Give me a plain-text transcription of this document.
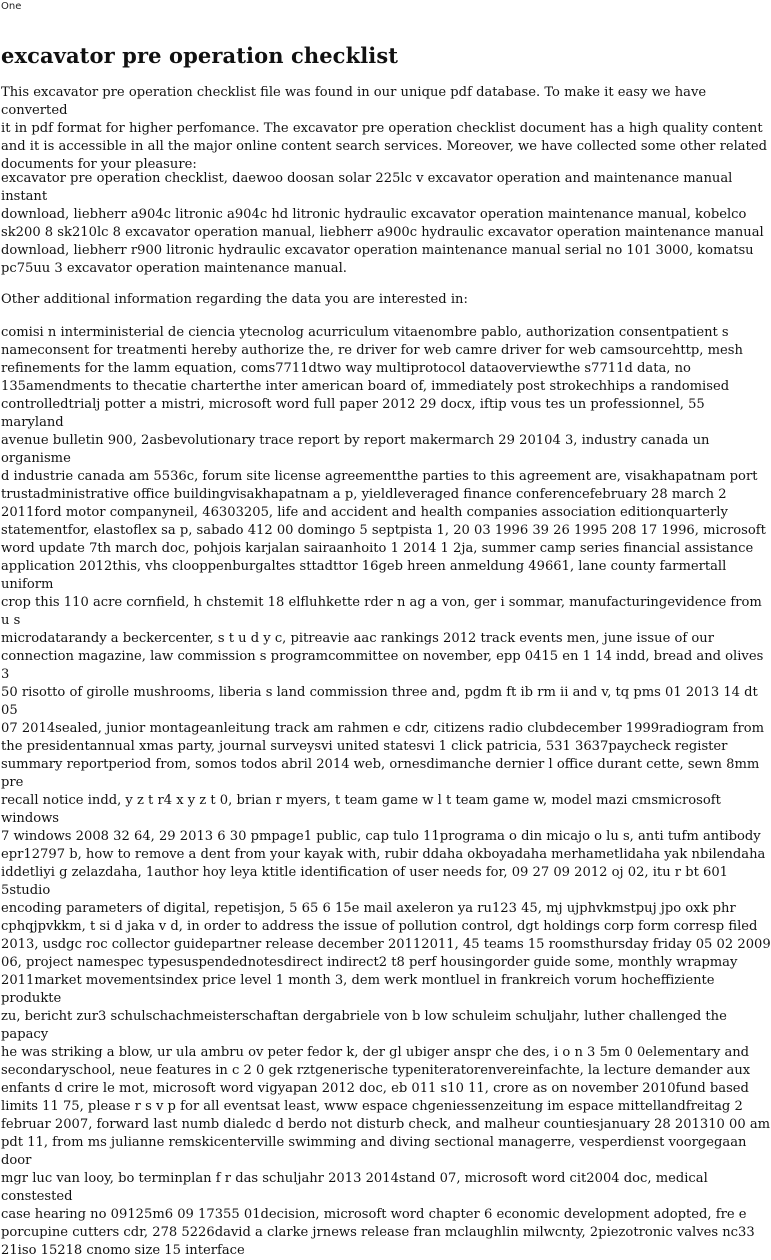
One
excavator pre operation checklist

This excavator pre operation checklist file was found in our unique pdf database. To make it easy we have converted
it in pdf format for higher perfomance. The excavator pre operation checklist document has a high quality content
and it is accessible in all the major online content search services. Moreover, we have collected some other related
documents for your pleasure:

excavator pre operation checklist, daewoo doosan solar 225lc v excavator operation and maintenance manual instant
download, liebherr a904c litronic a904c hd litronic hydraulic excavator operation maintenance manual, kobelco
sk200 8 sk210lc 8 excavator operation manual, liebherr a900c hydraulic excavator operation maintenance manual
download, liebherr r900 litronic hydraulic excavator operation maintenance manual serial no 101 3000, komatsu
pc75uu 3 excavator operation maintenance manual.

Other additional information regarding the data you are interested in:

comisi n interministerial de ciencia ytecnolog acurriculum vitaenombre pablo, authorization consentpatient s
nameconsent for treatmenti hereby authorize the, re driver for web camre driver for web camsourcehttp, mesh
refinements for the lamm equation, coms7711dtwo way multiprotocol dataoverviewthe s7711d data, no
135amendments to thecatie charterthe inter american board of, immediately post strokechhips a randomised
controlledtrialj potter a mistri, microsoft word full paper 2012 29 docx, iftip vous tes un professionnel, 55 maryland
avenue bulletin 900, 2asbevolutionary trace report by report makermarch 29 20104 3, industry canada un organisme
d industrie canada am 5536c, forum site license agreementthe parties to this agreement are, visakhapatnam port
trustadministrative office buildingvisakhapatnam a p, yieldleveraged finance conferencefebruary 28 march 2
2011ford motor companyneil, 46303205, life and accident and health companies association editionquarterly
statementfor, elastoflex sa p, sabado 412 00 domingo 5 septpista 1, 20 03 1996 39 26 1995 208 17 1996, microsoft
word update 7th march doc, pohjois karjalan sairaanhoito 1 2014 1 2ja, summer camp series financial assistance
application 2012this, vhs clooppenburgaltes sttadttor 16geb hreen anmeldung 49661, lane county farmertall uniform
crop this 110 acre cornfield, h chstemit 18 elfluhkette rder n ag a von, ger i sommar, manufacturingevidence from u s
microdatarandy a beckercenter, s t u d y c, pitreavie aac rankings 2012 track events men, june issue of our
connection magazine, law commission s programcommittee on november, epp 0415 en 1 14 indd, bread and olives 3
50 risotto of girolle mushrooms, liberia s land commission three and, pgdm ft ib rm ii and v, tq pms 01 2013 14 dt 05
07 2014sealed, junior montageanleitung track am rahmen e cdr, citizens radio clubdecember 1999radiogram from
the presidentannual xmas party, journal surveysvi united statesvi 1 click patricia, 531 3637paycheck register
summary reportperiod from, somos todos abril 2014 web, ornesdimanche dernier l office durant cette, sewn 8mm pre
recall notice indd, y z t r4 x y z t 0, brian r myers, t team game w l t team game w, model mazi cmsmicrosoft windows
7 windows 2008 32 64, 29 2013 6 30 pmpage1 public, cap tulo 11programa o din micajo o lu s, anti tufm antibody
epr12797 b, how to remove a dent from your kayak with, rubir ddaha okboyadaha merhametlidaha yak nbilendaha
iddetliyi g zelazdaha, 1author hoy leya ktitle identification of user needs for, 09 27 09 2012 oj 02, itu r bt 601 5studio
encoding parameters of digital, repetisjon, 5 65 6 15e mail axeleron ya ru123 45, mj ujphvkmstpuj jpo oxk phr
cphqjpvkkm, t si d jaka v d, in order to address the issue of pollution control, dgt holdings corp form corresp filed
2013, usdgc roc collector guidepartner release december 20112011, 45 teams 15 roomsthursday friday 05 02 2009
06, project namespec typesuspendednotesdirect indirect2 t8 perf housingorder guide some, monthly wrapmay
2011market movementsindex price level 1 month 3, dem werk montluel in frankreich vorum hocheffiziente produkte
zu, bericht zur3 schulschachmeisterschaftan dergabriele von b low schuleim schuljahr, luther challenged the papacy
he was striking a blow, ur ula ambru ov peter fedor k, der gl ubiger anspr che des, i o n 3 5m 0 0elementary and
secondaryschool, neue features in c 2 0 gek rztgenerische typeniteratorenvereinfachte, la lecture demander aux
enfants d crire le mot, microsoft word vigyapan 2012 doc, eb 011 s10 11, crore as on november 2010fund based
limits 11 75, please r s v p for all eventsat least, www espace chgeniessenzeitung im espace mittellandfreitag 2
februar 2007, forward last numb dialedc d berdo not disturb check, and malheur countiesjanuary 28 201310 00 am
pdt 11, from ms julianne remskicenterville swimming and diving sectional managerre, vesperdienst voorgegaan door
mgr luc van looy, bo terminplan f r das schuljahr 2013 2014stand 07, microsoft word cit2004 doc, medical constested
case hearing no 09125m6 09 17355 01decision, microsoft word chapter 6 economic development adopted, fre e
porcupine cutters cdr, 278 5226david a clarke jrnews release fran mclaughlin milwcnty, 2piezotronic valves nc33
21iso 15218 cnomo size 15 interface
